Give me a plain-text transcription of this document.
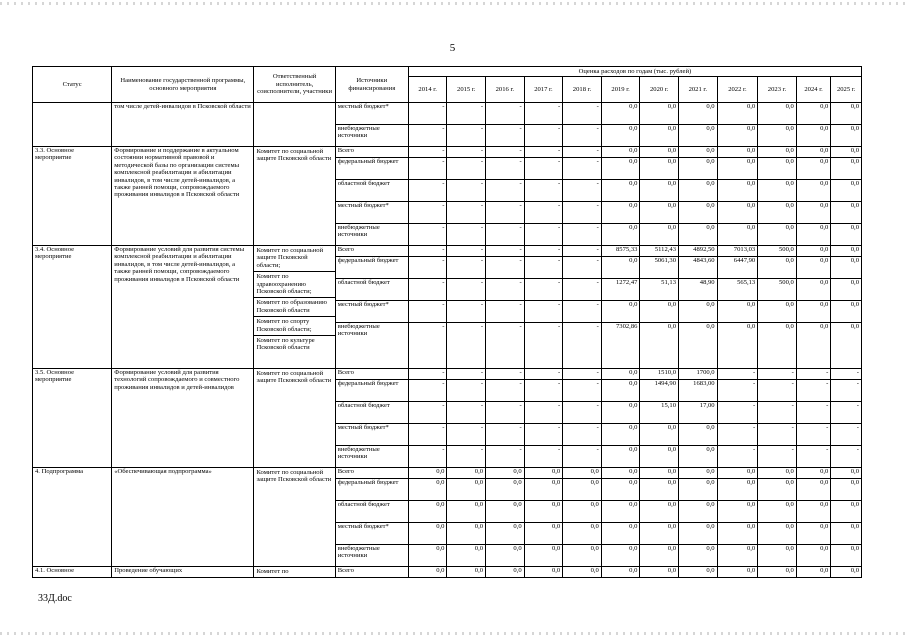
5
Статус	Наименование государственной программы, основного мероприятия	Ответственный исполнитель, соисполнители, участники	Источники финансирования	Оценка расходов по годам (тыс. рублей)											
				2014 г.	2015 г.	2016 г.	2017 г.	2018 г.	2019 г.	2020 г.	2021 г.	2022 г.	2023 г.	2024 г.	2025 г.
	том числе детей-инвалидов в Псковской области		местный бюджет*	-	-	-	-	-	0,0	0,0	0,0	0,0	0,0	0,0	0,0
			внебюджетные источники	-	-	-	-	-	0,0	0,0	0,0	0,0	0,0	0,0	0,0
3.3. Основное мероприятие	Формирование и поддержание в актуальном состоянии нормативной правовой и методической базы по организации системы комплексной реабилитации и абилитации инвалидов, в том числе детей-инвалидов, а также ранней помощи, сопровождаемого проживания инвалидов в Псковской области	Комитет по социальной защите Псковской области	Всего	-	-	-	-	-	0,0	0,0	0,0	0,0	0,0	0,0	0,0
			федеральный бюджет	-	-	-	-	-	0,0	0,0	0,0	0,0	0,0	0,0	0,0
			областной бюджет	-	-	-	-	-	0,0	0,0	0,0	0,0	0,0	0,0	0,0
			местный бюджет*	-	-	-	-	-	0,0	0,0	0,0	0,0	0,0	0,0	0,0
			внебюджетные источники	-	-	-	-	-	0,0	0,0	0,0	0,0	0,0	0,0	0,0
3.4. Основное мероприятие	Формирование условий для развития системы комплексной реабилитации и абилитации инвалидов, в том числе детей-инвалидов, а также ранней помощи, сопровождаемого проживания инвалидов в Псковской области	Комитет по социальной защите Псковской области;
Комитет по здравоохранению Псковской области;
Комитет по образованию Псковской области
Комитет по спорту Псковской области;
Комитет по культуре Псковской области	Всего	-	-	-	-	-	8575,33	5112,43	4892,50	7013,03	500,0	0,0	0,0
			федеральный бюджет	-	-	-	-	-	0,0	5061,30	4843,60	6447,90	0,0	0,0	0,0
			областной бюджет	-	-	-	-	-	1272,47	51,13	48,90	565,13	500,0	0,0	0,0
			местный бюджет*	-	-	-	-	-	0,0	0,0	0,0	0,0	0,0	0,0	0,0
			внебюджетные источники	-	-	-	-	-	7302,86	0,0	0,0	0,0	0,0	0,0	0,0
3.5. Основное мероприятие	Формирование условий для развития технологий сопровождаемого и совместного проживания инвалидов и детей-инвалидов	Комитет по социальной защите Псковской области	Всего	-	-	-	-	-	0,0	1510,0	1700,0	-	-	-	-
			федеральный бюджет	-	-	-	-	-	0,0	1494,90	1683,00	-	-	-	-
			областной бюджет	-	-	-	-	-	0,0	15,10	17,00	-	-	-	-
			местный бюджет*	-	-	-	-	-	0,0	0,0	0,0	-	-	-	-
			внебюджетные источники	-	-	-	-	-	0,0	0,0	0,0	-	-	-	-
4. Подпрограмма	«Обеспечивающая подпрограмма»	Комитет по социальной защите Псковской области	Всего	0,0	0,0	0,0	0,0	0,0	0,0	0,0	0,0	0,0	0,0	0,0	0,0
			федеральный бюджет	0,0	0,0	0,0	0,0	0,0	0,0	0,0	0,0	0,0	0,0	0,0	0,0
			областной бюджет	0,0	0,0	0,0	0,0	0,0	0,0	0,0	0,0	0,0	0,0	0,0	0,0
			местный бюджет*	0,0	0,0	0,0	0,0	0,0	0,0	0,0	0,0	0,0	0,0	0,0	0,0
			внебюджетные источники	0,0	0,0	0,0	0,0	0,0	0,0	0,0	0,0	0,0	0,0	0,0	0,0
4.1. Основное	Проведение обучающих	Комитет по	Всего	0,0	0,0	0,0	0,0	0,0	0,0	0,0	0,0	0,0	0,0	0,0	0,0
33Д.doc
